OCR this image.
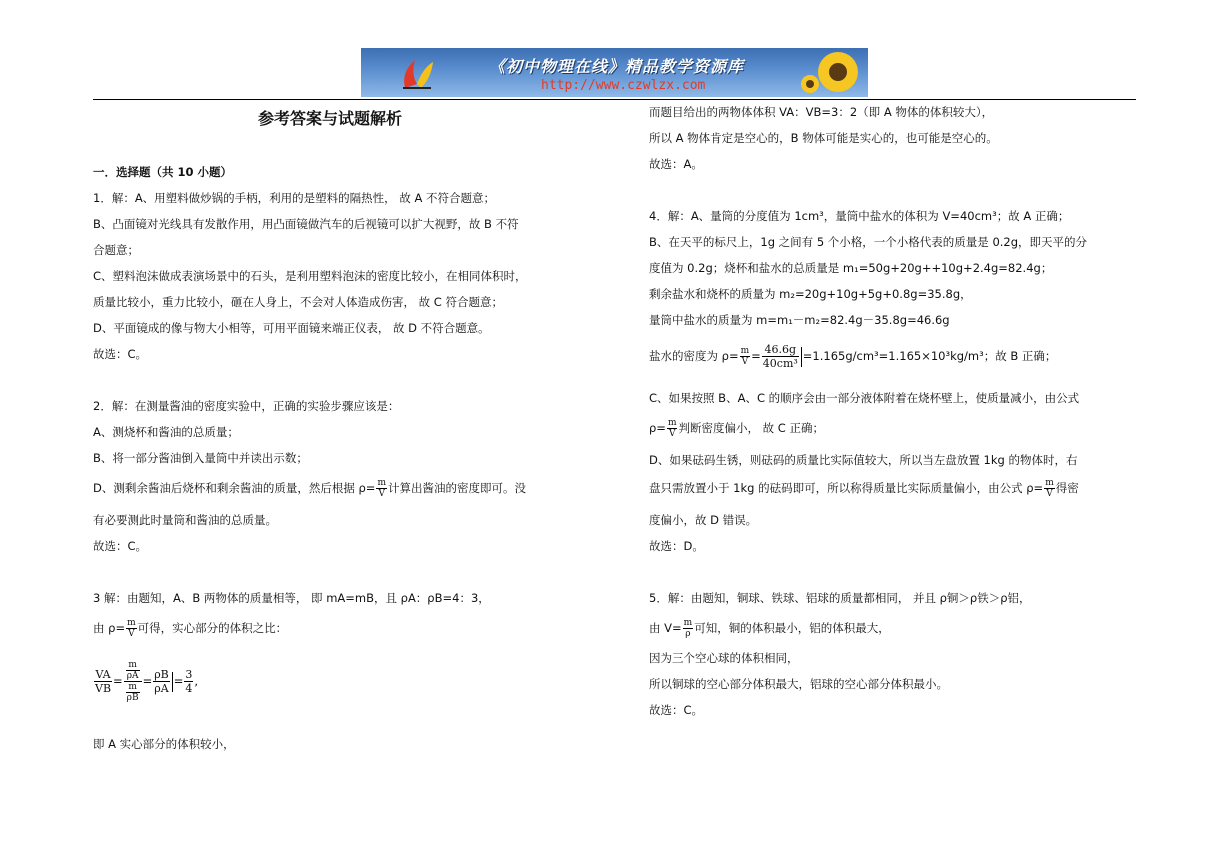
《初中物理在线》精品教学资源库
http://www.czwlzx.com
参考答案与试题解析
一．选择题（共 10 小题）
1．解：A、用塑料做炒锅的手柄，利用的是塑料的隔热性， 故 A 不符合题意；
B、凸面镜对光线具有发散作用，用凸面镜做汽车的后视镜可以扩大视野，故 B 不符
合题意；
C、塑料泡沫做成表演场景中的石头，是利用塑料泡沫的密度比较小，在相同体积时，
质量比较小，重力比较小，砸在人身上，不会对人体造成伤害， 故 C 符合题意；
D、平面镜成的像与物大小相等，可用平面镜来端正仪表， 故 D 不符合题意。
故选：C。
2．解：在测量酱油的密度实验中，正确的实验步骤应该是：
A、测烧杯和酱油的总质量；
B、将一部分酱油倒入量筒中并读出示数；
D、测剩余酱油后烧杯和剩余酱油的质量，然后根据 $\rho= \frac{m}{V}$ 计算出酱油的密度即可。没
有必要测此时量筒和酱油的总质量。
故选：C。
3 解：由题知，A、B 两物体的质量相等， 即 mA=mB，且 ρA：ρB=4：3，
由 $\rho= \frac{m}{V}$ 可得，实心部分的体积之比：
$\frac{VA}{VB} = \frac{\frac{m}{\rho A}}{\frac{m}{\rho B}} = \frac{\rho B}{\rho A} = \frac{3}{4}$ ,
即 A 实心部分的体积较小，
而题目给出的两物体体积 VA：VB=3：2（即 A 物体的体积较大），
所以 A 物体肯定是空心的，B 物体可能是实心的，也可能是空心的。
故选：A。
4．解：A、量筒的分度值为 1cm³，量筒中盐水的体积为 V=40cm³；故 A 正确；
B、在天平的标尺上，1g 之间有 5 个小格，一个小格代表的质量是 0.2g，即天平的分
度值为 0.2g；烧杯和盐水的总质量是 m₁=50g+20g++10g+2.4g=82.4g；
剩余盐水和烧杯的质量为 m₂=20g+10g+5g+0.8g=35.8g，
量筒中盐水的质量为 m=m₁－m₂=82.4g－35.8g=46.6g
盐水的密度为 $\rho= \frac{m}{V} = \frac{46.6g}{\text{40cm³}} =1.165g/cm^3=1.165\times 10^3kg/m^3$；故 B 正确；
C、如果按照 B、A、C 的顺序会由一部分液体附着在烧杯壁上，使质量减小，由公式
$\rho= \frac{m}{V}$ 判断密度偏小， 故 C 正确；
D、如果砝码生锈，则砝码的质量比实际值较大，所以当左盘放置 1kg 的物体时，右
盘只需放置小于 1kg 的砝码即可，所以称得质量比实际质量偏小，由公式 $\rho= \frac{m}{V}$ 得密
度偏小，故 D 错误。
故选：D。
5．解：由题知，铜球、铁球、铝球的质量都相同， 并且 ρ铜＞ρ铁＞ρ铝，
由 $V= \frac{m}{\rho}$ 可知，铜的体积最小，铝的体积最大，
因为三个空心球的体积相同，
所以铜球的空心部分体积最大，铝球的空心部分体积最小。
故选：C。
